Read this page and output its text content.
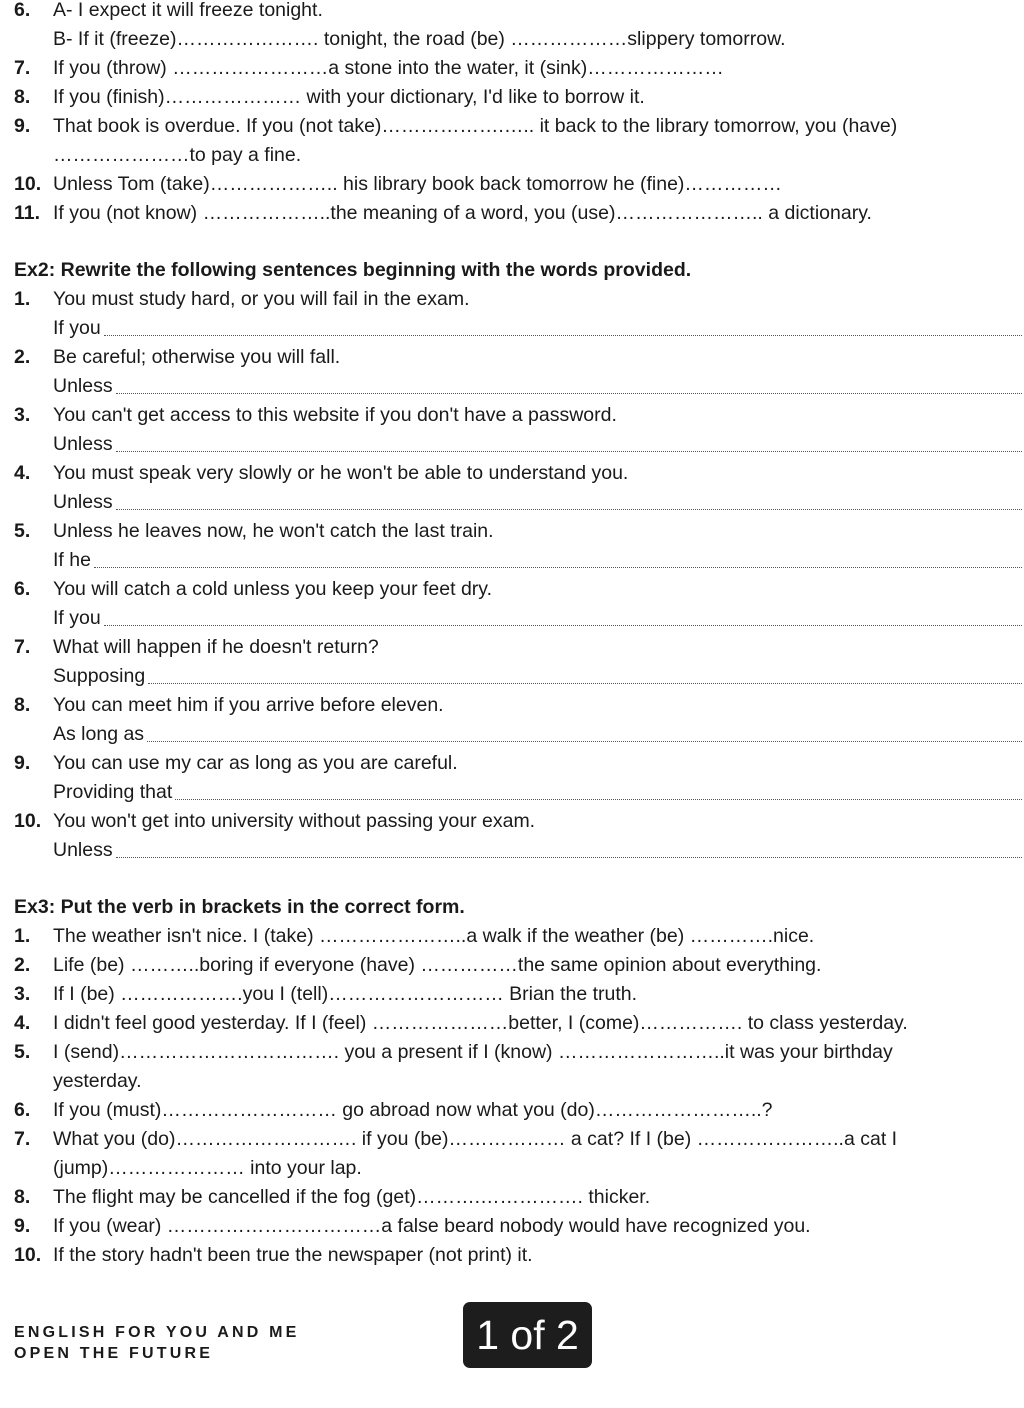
6. A- I expect it will freeze tonight.
B- If it (freeze)…………………. tonight, the road (be) ………………slippery tomorrow.
7. If you (throw) ……………………a stone into the water, it (sink)…………………
8. If you (finish)………………… with your dictionary, I'd like to borrow it.
9. That book is overdue. If you (not take)……………….….. it back to the library tomorrow, you (have)
…………………to pay a fine.
10. Unless Tom (take)……………….. his library book back tomorrow he (fine)……………
11. If you (not know) ………………..the meaning of a word, you (use)………………….. a dictionary.
Ex2: Rewrite the following sentences beginning with the words provided.
1. You must study hard, or you will fail in the exam.
If you
2. Be careful; otherwise you will fall.
Unless
3. You can't get access to this website if you don't have a password.
Unless
4. You must speak very slowly or he won't be able to understand you.
Unless
5. Unless he leaves now, he won't catch the last train.
If he
6. You will catch a cold unless you keep your feet dry.
If you
7. What will happen if he doesn't return?
Supposing
8. You can meet him if you arrive before eleven.
As long as
9. You can use my car as long as you are careful.
Providing that
10. You won't get into university without passing your exam.
Unless
Ex3: Put the verb in brackets in the correct form.
1. The weather isn't nice. I (take) …………………..a walk if the weather (be) ………….nice.
2. Life (be) ………..boring if everyone (have) ……………the same opinion about everything.
3. If I (be) ……………….you I (tell)……………………… Brian the truth.
4. I didn't feel good yesterday. If I (feel) …………………better, I (come)……………. to class yesterday.
5. I (send)……………………………. you a present if I (know) ……………………..it was your birthday
yesterday.
6. If you (must)……………………… go abroad now what you (do)……………………..?
7. What you (do)………………………. if you (be)……………… a cat? If I (be) …………………..a cat I
(jump)………………… into your lap.
8. The flight may be cancelled if the fog (get)……….……………. thicker.
9. If you (wear) ……………………………a false beard nobody would have recognized you.
10. If the story hadn't been true the newspaper (not print) it.
ENGLISH FOR YOU AND ME
OPEN THE FUTURE	1 of 2
